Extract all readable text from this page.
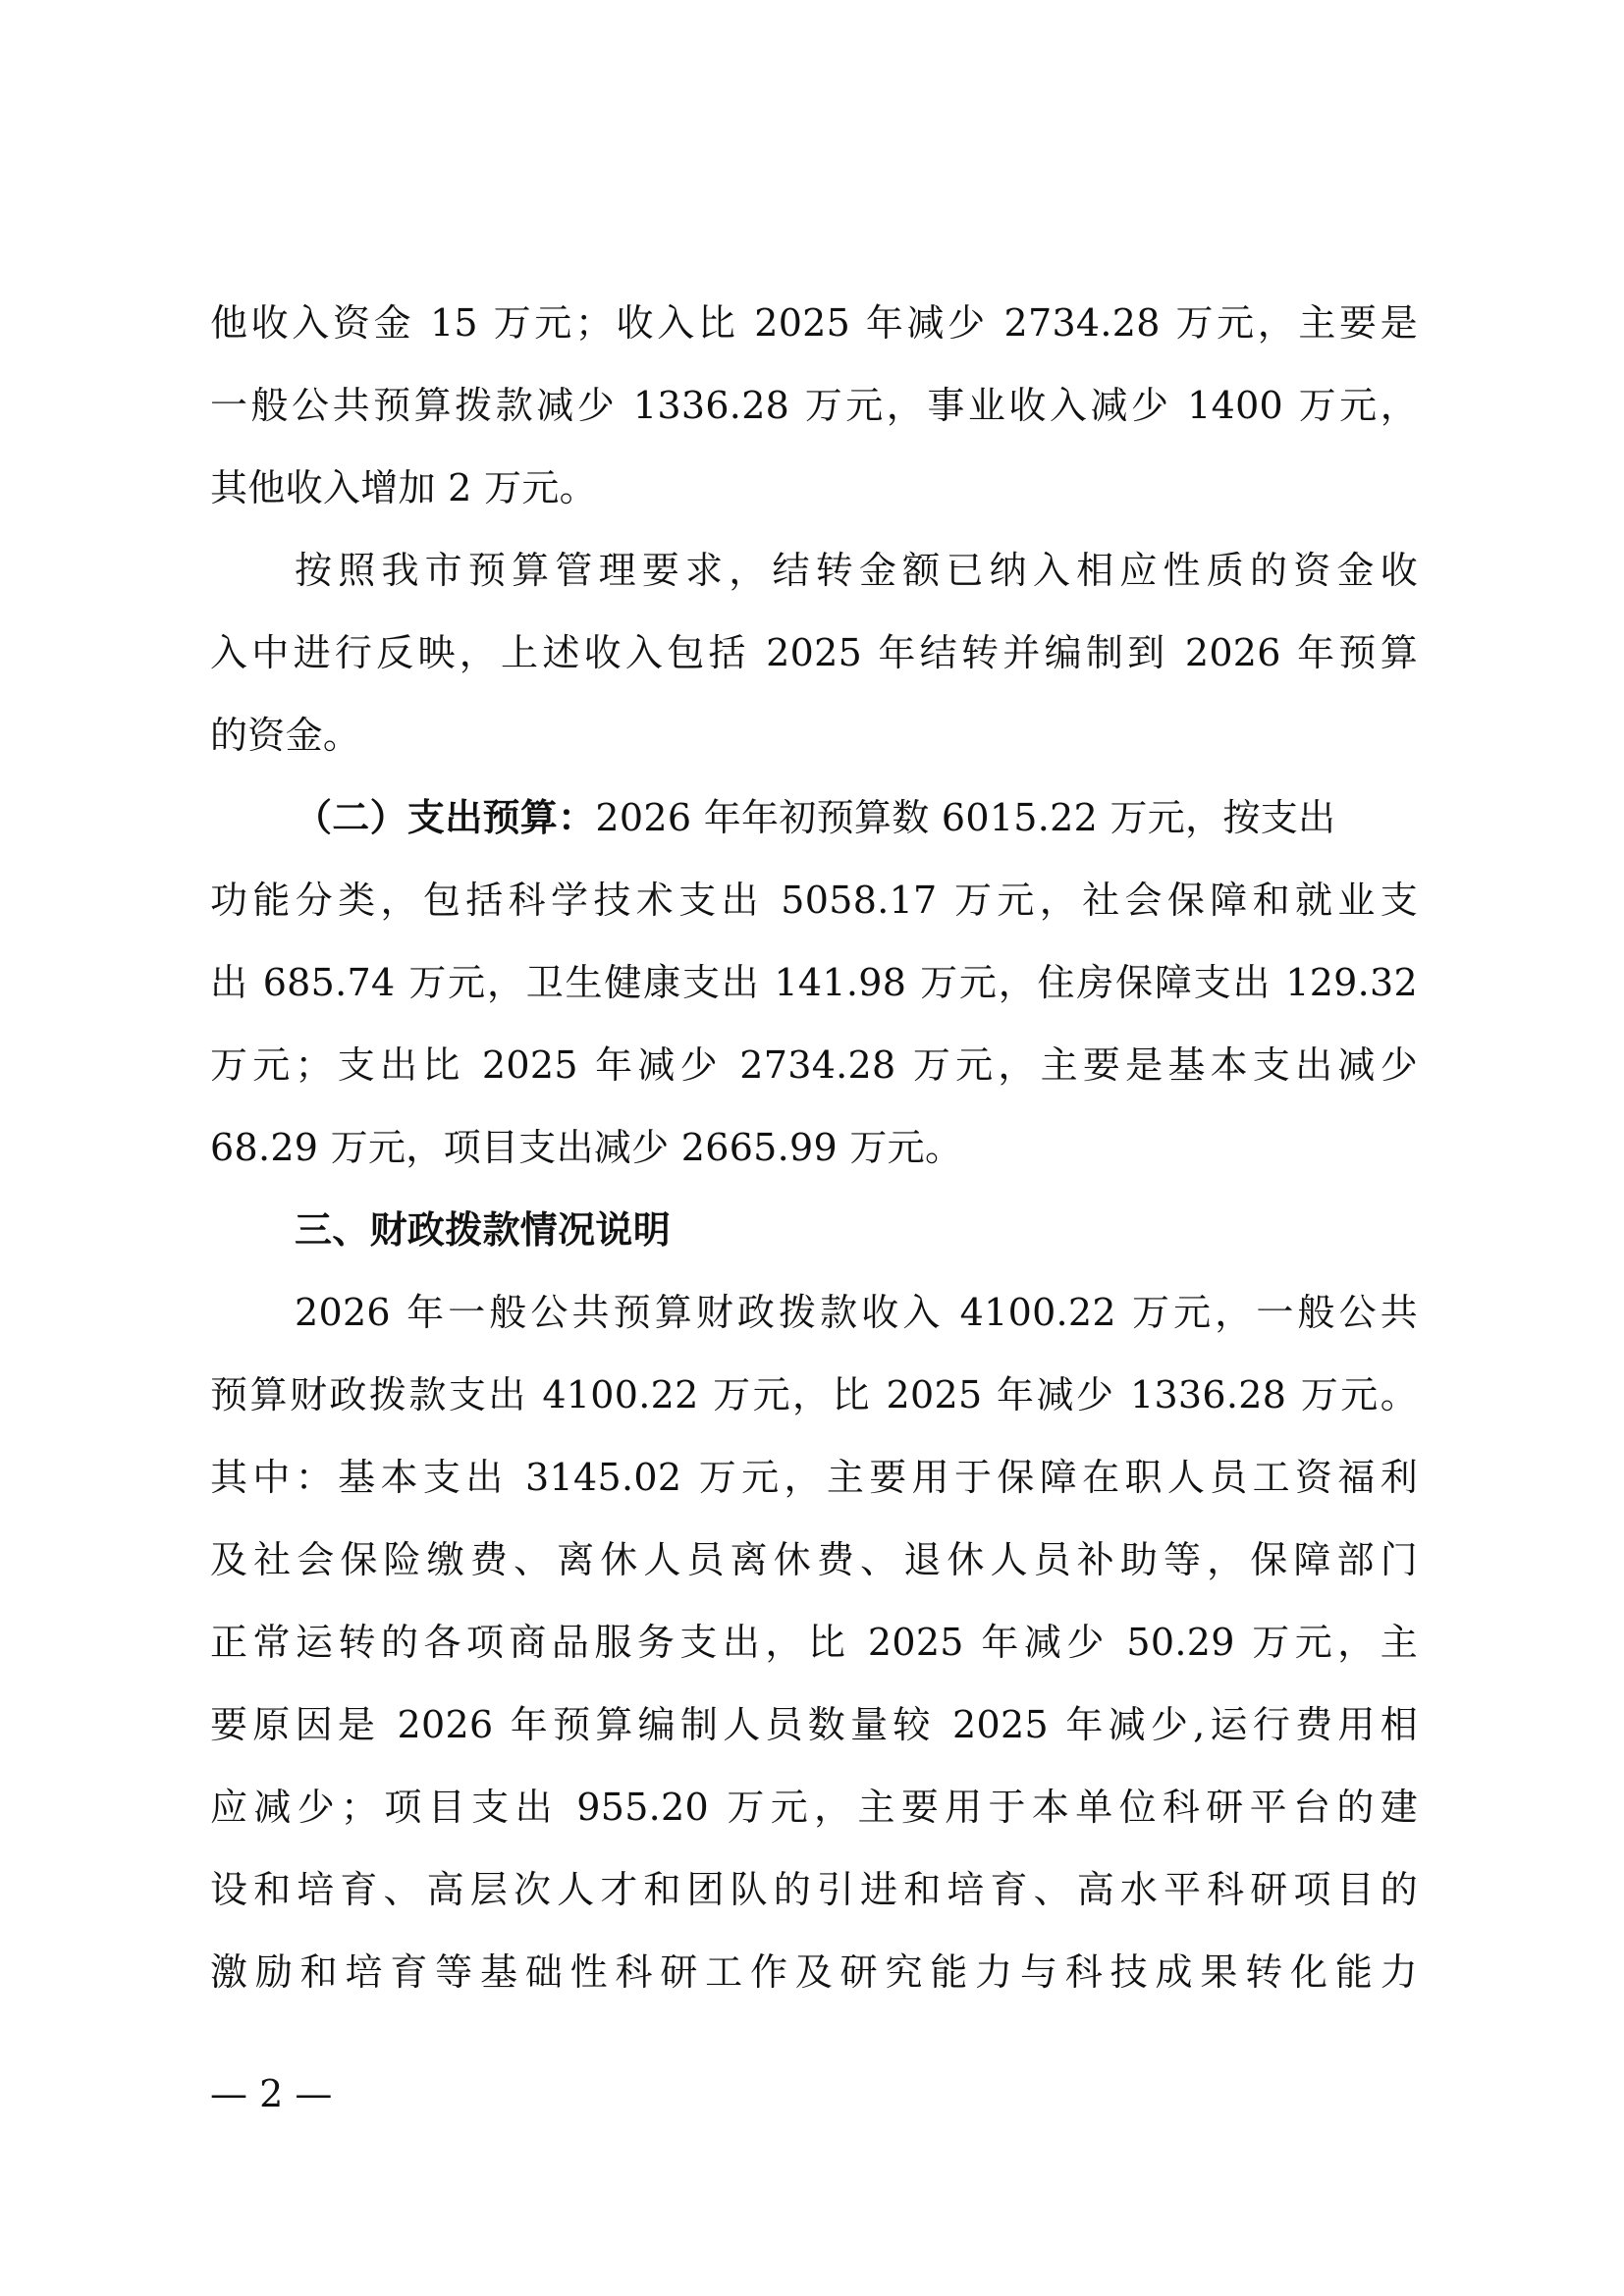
他收入资金 15 万元；收入比 2025 年减少 2734.28 万元，主要是
一般公共预算拨款减少 1336.28 万元，事业收入减少 1400 万元，
其他收入增加 2 万元。
按照我市预算管理要求，结转金额已纳入相应性质的资金收
入中进行反映，上述收入包括 2025 年结转并编制到 2026 年预算
的资金。
（二）支出预算：2026 年年初预算数 6015.22 万元，按支出
功能分类，包括科学技术支出 5058.17 万元，社会保障和就业支
出 685.74 万元，卫生健康支出 141.98 万元，住房保障支出 129.32
万元；支出比 2025 年减少 2734.28 万元，主要是基本支出减少
68.29 万元，项目支出减少 2665.99 万元。
三、财政拨款情况说明
2026 年一般公共预算财政拨款收入 4100.22 万元，一般公共
预算财政拨款支出 4100.22 万元，比 2025 年减少 1336.28 万元。
其中：基本支出 3145.02 万元，主要用于保障在职人员工资福利
及社会保险缴费、离休人员离休费、退休人员补助等，保障部门
正常运转的各项商品服务支出，比 2025 年减少 50.29 万元，主
要原因是 2026 年预算编制人员数量较 2025 年减少,运行费用相
应减少；项目支出 955.20 万元，主要用于本单位科研平台的建
设和培育、高层次人才和团队的引进和培育、高水平科研项目的
激励和培育等基础性科研工作及研究能力与科技成果转化能力
— 2 —
